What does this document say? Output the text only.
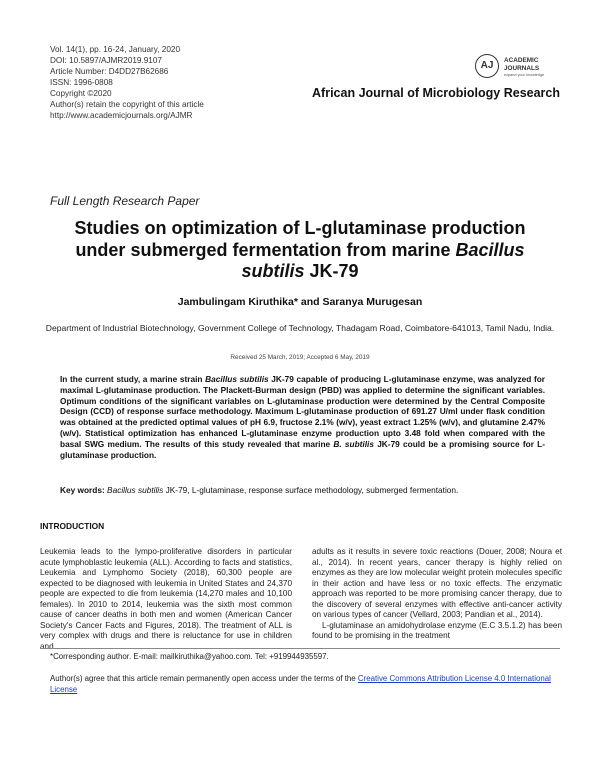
Vol. 14(1), pp. 16-24, January, 2020
DOI: 10.5897/AJMR2019.9107
Article Number: D4DD27B62686
ISSN: 1996-0808
Copyright ©2020
Author(s) retain the copyright of this article
http://www.academicjournals.org/AJMR
AJ	ACADEMIC
JOURNALS
expand your knowledge
African Journal of Microbiology Research
Full Length Research Paper
Studies on optimization of L-glutaminase production
under submerged fermentation from marine Bacillus
subtilis JK-79
Jambulingam Kiruthika* and Saranya Murugesan
Department of Industrial Biotechnology, Government College of Technology, Thadagam Road, Coimbatore-641013, Tamil Nadu, India.
Received 25 March, 2019; Accepted 6 May, 2019
In the current study, a marine strain Bacillus subtilis JK-79 capable of producing L-glutaminase enzyme, was analyzed for maximal L-glutaminase production. The Plackett-Burman design (PBD) was applied to determine the significant variables. Optimum conditions of the significant variables on L-glutaminase production were determined by the Central Composite Design (CCD) of response surface methodology. Maximum L-glutaminase production of 691.27 U/ml under flask condition was obtained at the predicted optimal values of pH 6.9, fructose 2.1% (w/v), yeast extract 1.25% (w/v), and glutamine 2.47% (w/v). Statistical optimization has enhanced L-glutaminase enzyme production upto 3.48 fold when compared with the basal SWG medium. The results of this study revealed that marine B. subtilis JK-79 could be a promising source for L-glutaminase production.
Key words: Bacillus subtilis JK-79, L-glutaminase, response surface methodology, submerged fermentation.
INTRODUCTION
Leukemia leads to the lympo-proliferative disorders in particular acute lymphoblastic leukemia (ALL). According to facts and statistics, Leukemia and Lymphomo Society (2018), 60,300 people are expected to be diagnosed with leukemia in United States and 24,370 people are expected to die from leukemia (14,270 males and 10,100 females). In 2010 to 2014, leukemia was the sixth most common cause of cancer deaths in both men and women (American Cancer Society's Cancer Facts and Figures, 2018). The treatment of ALL is very complex with drugs and there is reluctance for use in children and
adults as it results in severe toxic reactions (Douer, 2008; Noura et al., 2014). In recent years, cancer therapy is highly relied on enzymes as they are low molecular weight protein molecules specific in their action and have less or no toxic effects. The enzymatic approach was reported to be more promising cancer therapy, due to the discovery of several enzymes with effective anti-cancer activity on various types of cancer (Vellard, 2003; Pandian et al., 2014).
L-glutaminase an amidohydrolase enzyme (E.C 3.5.1.2) has been found to be promising in the treatment
*Corresponding author. E-mail: mailkiruthika@yahoo.com. Tel: +919944935597.
Author(s) agree that this article remain permanently open access under the terms of the Creative Commons Attribution License 4.0 International License
